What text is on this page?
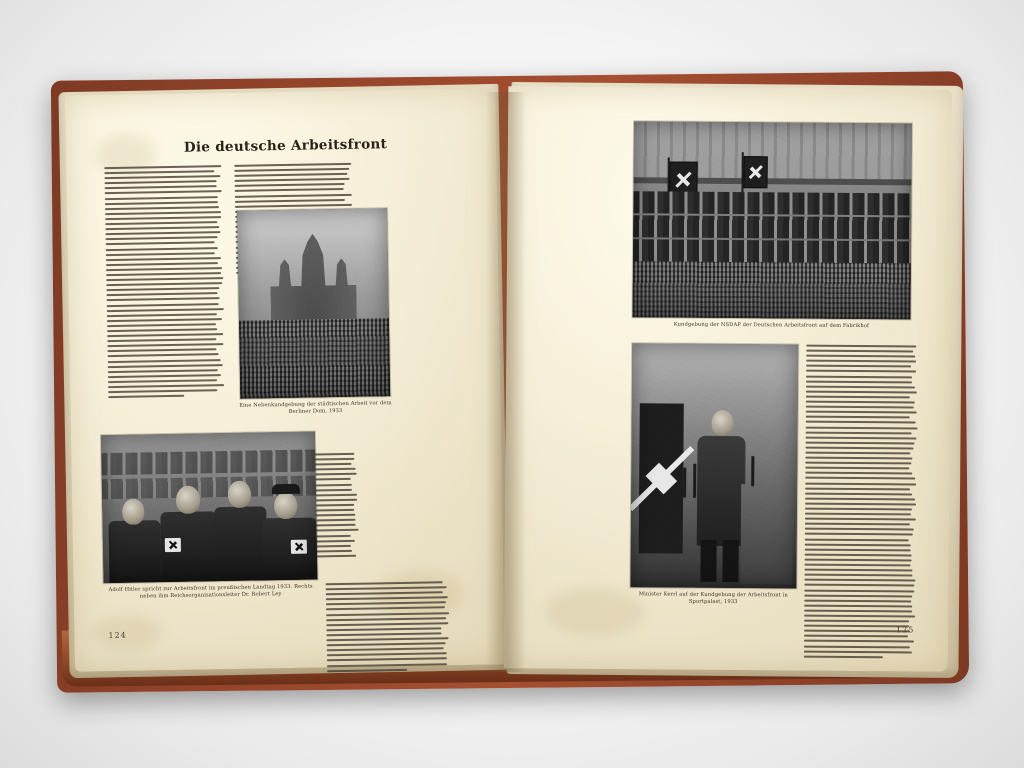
Die deutsche Arbeitsfront
Eine Nebenkundgebung der städtischen Arbeit vor dem Berliner Dom, 1933
Adolf Hitler spricht zur Arbeitsfront im preußischen Landtag 1933. Rechts neben ihm Reichsorganisationsleiter Dr. Robert Ley
124
Kundgebung der NSDAP der Deutschen Arbeitsfront auf dem Fabrikhof
Minister Kerrl auf der Kundgebung der Arbeitsfront in Sportpalast, 1933
125
